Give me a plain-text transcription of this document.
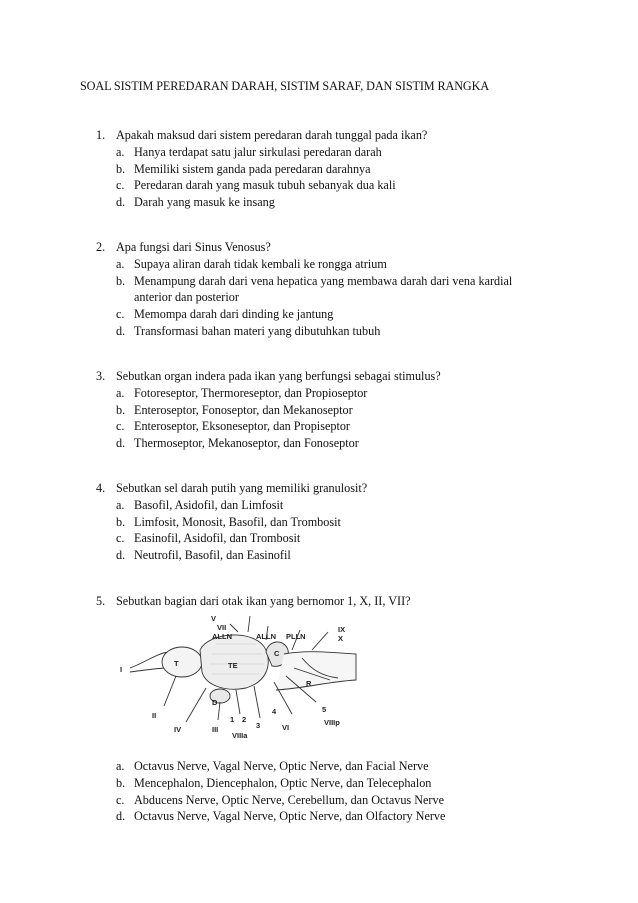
SOAL SISTIM PEREDARAN DARAH, SISTIM SARAF, DAN SISTIM RANGKA
1. Apakah maksud dari sistem peredaran darah tunggal pada ikan?
a. Hanya terdapat satu jalur sirkulasi peredaran darah
b. Memiliki sistem ganda pada peredaran darahnya
c. Peredaran darah yang masuk tubuh sebanyak dua kali
d. Darah yang masuk ke insang
2. Apa fungsi dari Sinus Venosus?
a. Supaya aliran darah tidak kembali ke rongga atrium
b. Menampung darah dari vena hepatica yang membawa darah dari vena kardial anterior dan posterior
c. Memompa darah dari dinding ke jantung
d. Transformasi bahan materi yang dibutuhkan tubuh
3. Sebutkan organ indera pada ikan yang berfungsi sebagai stimulus?
a. Fotoreseptor, Thermoreseptor, dan Propioseptor
b. Enteroseptor, Fonoseptor, dan Mekanoseptor
c. Enteroseptor, Eksoneseptor, dan Propiseptor
d. Thermoseptor, Mekanoseptor, dan Fonoseptor
4. Sebutkan sel darah putih yang memiliki granulosit?
a. Basofil, Asidofil, dan Limfosit
b. Limfosit, Monosit, Basofil, dan Trombosit
c. Easinofil, Asidofil, dan Trombosit
d. Neutrofil, Basofil, dan Easinofil
5. Sebutkan bagian dari otak ikan yang bernomor 1, X, II, VII?
V
VII
ALLN	ALLN PLLN
IX
X
I
T	TE
C
R
II
D
1 2
3
4	5
IV	III
VIIIa
VI
VIIIp
a. Octavus Nerve, Vagal Nerve, Optic Nerve, dan Facial Nerve
b. Mencephalon, Diencephalon, Optic Nerve, dan Telecephalon
c. Abducens Nerve, Optic Nerve, Cerebellum, dan Octavus Nerve
d. Octavus Nerve, Vagal Nerve, Optic Nerve, dan Olfactory Nerve
